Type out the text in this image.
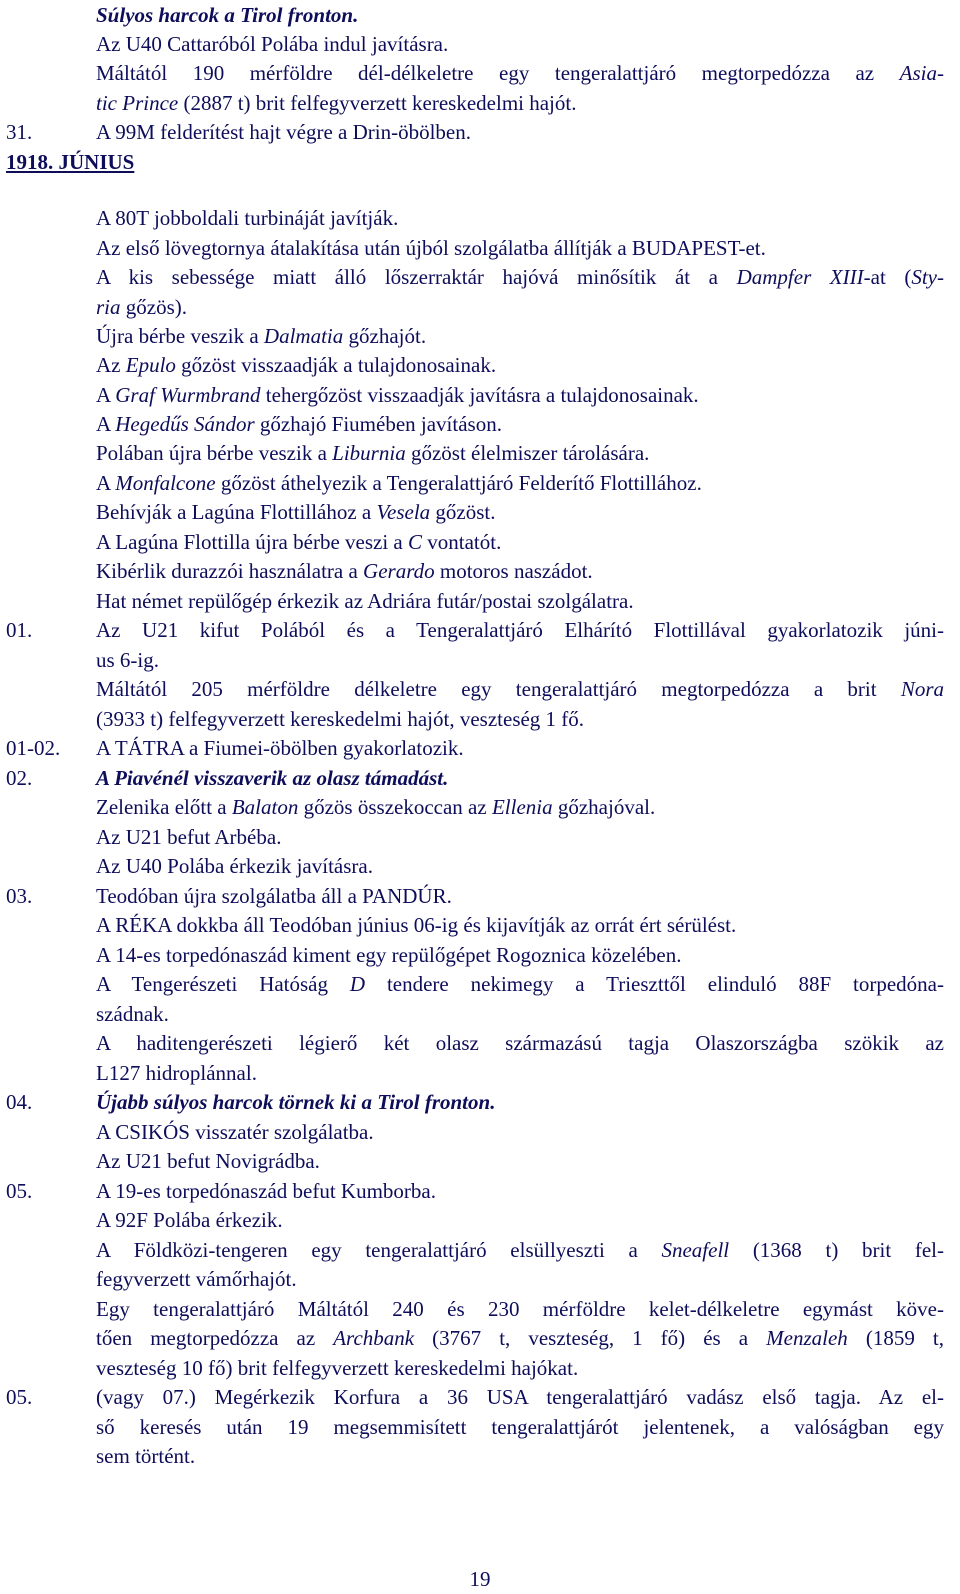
Súlyos harcok a Tirol fronton.
Az U40 Cattaróból Polába indul javításra.
Máltától 190 mérföldre dél-délkeletre egy tengeralattjáró megtorpedózza az Asia-
tic Prince (2887 t) brit felfegyverzett kereskedelmi hajót.
31.	A 99M felderítést hajt végre a Drin-öbölben.
1918. JÚNIUS
A 80T jobboldali turbináját javítják.
Az első lövegtornya átalakítása után újból szolgálatba állítják a BUDAPEST-et.
A kis sebessége miatt álló lőszerraktár hajóvá minősítik át a Dampfer XIII-at (Sty-
ria gőzös).
Újra bérbe veszik a Dalmatia gőzhajót.
Az Epulo gőzöst visszaadják a tulajdonosainak.
A Graf Wurmbrand tehergőzöst visszaadják javításra a tulajdonosainak.
A Hegedűs Sándor gőzhajó Fiumében javításon.
Polában újra bérbe veszik a Liburnia gőzöst élelmiszer tárolására.
A Monfalcone gőzöst áthelyezik a Tengeralattjáró Felderítő Flottillához.
Behívják a Lagúna Flottillához a Vesela gőzöst.
A Lagúna Flottilla újra bérbe veszi a C vontatót.
Kibérlik durazzói használatra a Gerardo motoros naszádot.
Hat német repülőgép érkezik az Adriára futár/postai szolgálatra.
01.	Az U21 kifut Polából és a Tengeralattjáró Elhárító Flottillával gyakorlatozik júni-
us 6-ig.
Máltától 205 mérföldre délkeletre egy tengeralattjáró megtorpedózza a brit Nora
(3933 t) felfegyverzett kereskedelmi hajót, veszteség 1 fő.
01-02. A TÁTRA a Fiumei-öbölben gyakorlatozik.
02.	A Piavénél visszaverik az olasz támadást.
Zelenika előtt a Balaton gőzös összekoccan az Ellenia gőzhajóval.
Az U21 befut Arbéba.
Az U40 Polába érkezik javításra.
03.	Teodóban újra szolgálatba áll a PANDÚR.
A RÉKA dokkba áll Teodóban június 06-ig és kijavítják az orrát ért sérülést.
A 14-es torpedónaszád kiment egy repülőgépet Rogoznica közelében.
A Tengerészeti Hatóság D tendere nekimegy a Trieszttől elinduló 88F torpedóna-
szádnak.
A haditengerészeti légierő két olasz származású tagja Olaszországba szökik az
L127 hidroplánnal.
04.	Újabb súlyos harcok törnek ki a Tirol fronton.
A CSIKÓS visszatér szolgálatba.
Az U21 befut Novigrádba.
05.	A 19-es torpedónaszád befut Kumborba.
A 92F Polába érkezik.
A Földközi-tengeren egy tengeralattjáró elsüllyeszti a Sneafell (1368 t) brit fel-
fegyverzett vámőrhajót.
Egy tengeralattjáró Máltától 240 és 230 mérföldre kelet-délkeletre egymást köve-
tően megtorpedózza az Archbank (3767 t, veszteség, 1 fő) és a Menzaleh (1859 t,
veszteség 10 fő) brit felfegyverzett kereskedelmi hajókat.
05.	(vagy 07.) Megérkezik Korfura a 36 USA tengeralattjáró vadász első tagja. Az el-
ső keresés után 19 megsemmisített tengeralattjárót jelentenek, a valóságban egy
sem történt.
19
